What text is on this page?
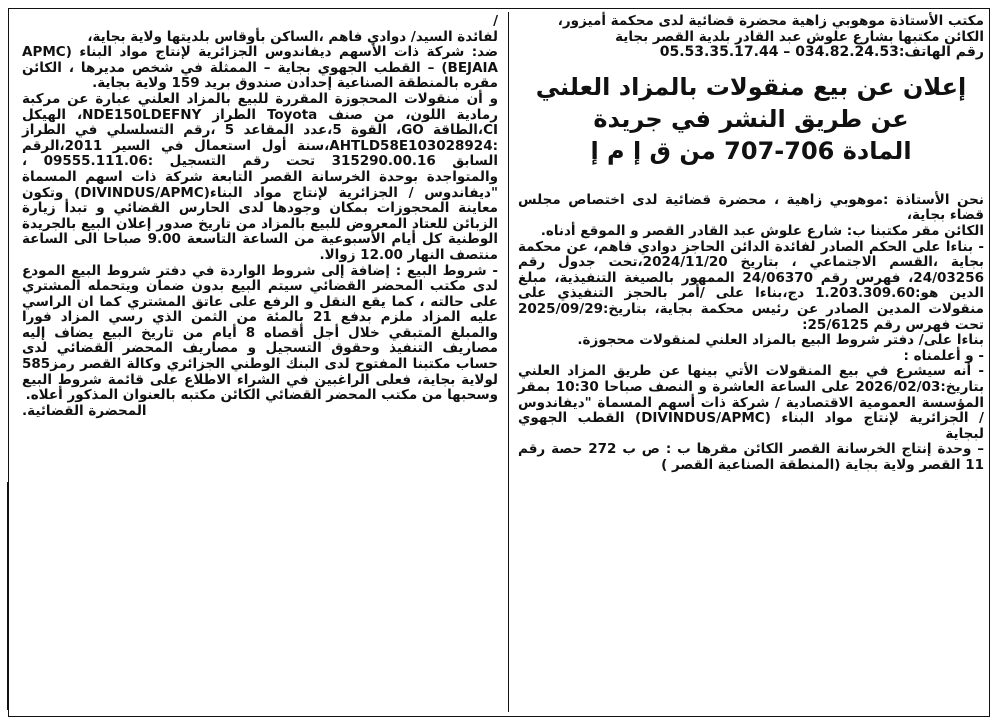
مكتب الأستاذة موهوبي زاهية محضرة قضائية لدى محكمة أميزور،

الكائن مكتبها بشارع علوش عبد القادر بلدية القصر بجاية

رقم الهاتف:034.82.24.53 – 05.53.35.17.44

إعلان عن بيع منقولات بالمزاد العلني
عن طريق النشر في جريدة
المادة 706-707 من ق إ م إ

نحن الأستاذة :موهوبي زاهية ، محضرة قضائية لدى اختصاص مجلس قضاء بجاية،

الكائن مقر مكتبنا ب: شارع علوش عبد القادر القصر و الموقع أدناه.

- بناءا على الحكم الصادر لفائدة الدائن الحاجز دوادي فاهم، عن محكمة بجاية ،القسم الاجتماعي ، بتاريخ 2024/11/20،تحت جدول رقم 24/03256، فهرس رقم 24/06370 الممهور بالصيغة التنفيذية، مبلغ الدين هو:1.203.309.60 دج،بناءا على /أمر بالحجز التنفيذي على منقولات المدين الصادر عن رئيس محكمة بجاية، بتاريخ:2025/09/29 تحت فهرس رقم 25/6125:

بناءا على/ دفتر شروط البيع بالمزاد العلني لمنقولات محجوزة.

- و أعلمناه :

- أنه سيشرع في بيع المنقولات الأتي بينها عن طريق المزاد العلني بتاريخ:2026/02/03 على الساعة العاشرة و النصف صباحا 10:30 بمقر المؤسسة العمومية الاقتصادية / شركة ذات أسهم المسماة "ديفاندوس / الجزائرية لإنتاج مواد البناء (DIVINDUS/APMC) القطب الجهوي لبجاية

– وحدة إنتاج الخرسانة القصر الكائن مقرها ب : ص ب 272 حصة رقم 11 القصر ولاية بجاية (المنطقة الصناعية القصر )

/

لفائدة السيد/ دوادي فاهم ،الساكن بأوقاس بلديتها ولاية بجاية،

ضد: شركة ذات الأسهم ديفاندوس الجزائرية لإنتاج مواد البناء (APMC BEJAIA) – القطب الجهوي بجاية – الممثلة في شخص مديرها ، الكائن مقره بالمنطقة الصناعية إحدادن صندوق بريد 159 ولاية بجاية.

و أن منقولات المحجوزة المقررة للبيع بالمزاد العلني عبارة عن مركبة رمادية اللون، من صنف Toyota الطراز NDE150LDEFNY، الهيكل CI،الطاقة GO، القوة 5،عدد المقاعد 5 ،رقم التسلسلي في الطراز :AHTLD58E103028924،سنة أول استعمال في السير 2011،الرقم السابق 315290.00.16 تحت رقم التسجيل :09555.111.06 ، والمتواجدة بوحدة الخرسانة القصر التابعة شركة ذات اسهم المسماة "ديفاندوس / الجزائرية لإنتاج مواد البناء(DIVINDUS/APMC) وتكون معاينة المحجوزات بمكان وجودها لدى الحارس القضائي و تبدأ زيارة الزبائن للعتاد المعروض للبيع بالمزاد من تاريخ صدور إعلان البيع بالجريدة الوطنية كل أيام الأسبوعية من الساعة التاسعة 9.00 صباحا الى الساعة منتصف النهار 12.00 زوالا.

- شروط البيع : إضافة إلى شروط الواردة في دفتر شروط البيع المودع لدى مكتب المحضر القضائي سيتم البيع بدون ضمان ويتحمله المشتري على حالته ، كما يقع النقل و الرفع على عاتق المشتري كما ان الراسي عليه المزاد ملزم بدفع 21 بالمئة من الثمن الذي رسي المزاد فورا والمبلغ المتبقي خلال أجل أقصاه 8 أيام من تاريخ البيع يضاف إليه مصاريف التنفيذ وحقوق التسجيل و مصاريف المحضر القضائي لدى حساب مكتبنا المفتوح لدى البنك الوطني الجزائري وكالة القصر رمز585 لولاية بجاية، فعلى الراغبين في الشراء الاطلاع على قائمة شروط البيع وسحبها من مكتب المحضر القضائي الكائن مكتبه بالعنوان المذكور أعلاه.

المحضرة القضائية.
